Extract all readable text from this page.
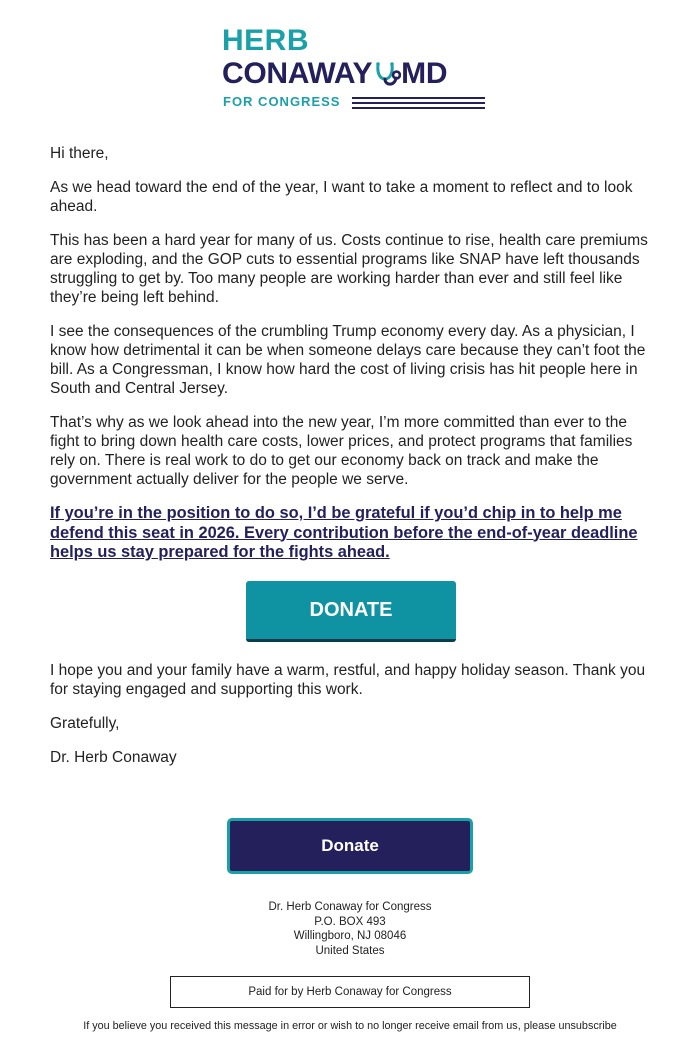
HERB
CONAWAY MD
FOR CONGRESS

Hi there,

As we head toward the end of the year, I want to take a moment to reflect and to look ahead.

This has been a hard year for many of us. Costs continue to rise, health care premiums are exploding, and the GOP cuts to essential programs like SNAP have left thousands struggling to get by. Too many people are working harder than ever and still feel like they’re being left behind.

I see the consequences of the crumbling Trump economy every day. As a physician, I know how detrimental it can be when someone delays care because they can’t foot the bill. As a Congressman, I know how hard the cost of living crisis has hit people here in South and Central Jersey.

That’s why as we look ahead into the new year, I’m more committed than ever to the fight to bring down health care costs, lower prices, and protect programs that families rely on. There is real work to do to get our economy back on track and make the government actually deliver for the people we serve.

If you’re in the position to do so, I’d be grateful if you’d chip in to help me defend this seat in 2026. Every contribution before the end-of-year deadline helps us stay prepared for the fights ahead.
DONATE

I hope you and your family have a warm, restful, and happy holiday season. Thank you for staying engaged and supporting this work.

Gratefully,

Dr. Herb Conaway

Donate
Dr. Herb Conaway for Congress
P.O. BOX 493
Willingboro, NJ 08046
United States
Paid for by Herb Conaway for Congress
If you believe you received this message in error or wish to no longer receive email from us, please unsubscribe
